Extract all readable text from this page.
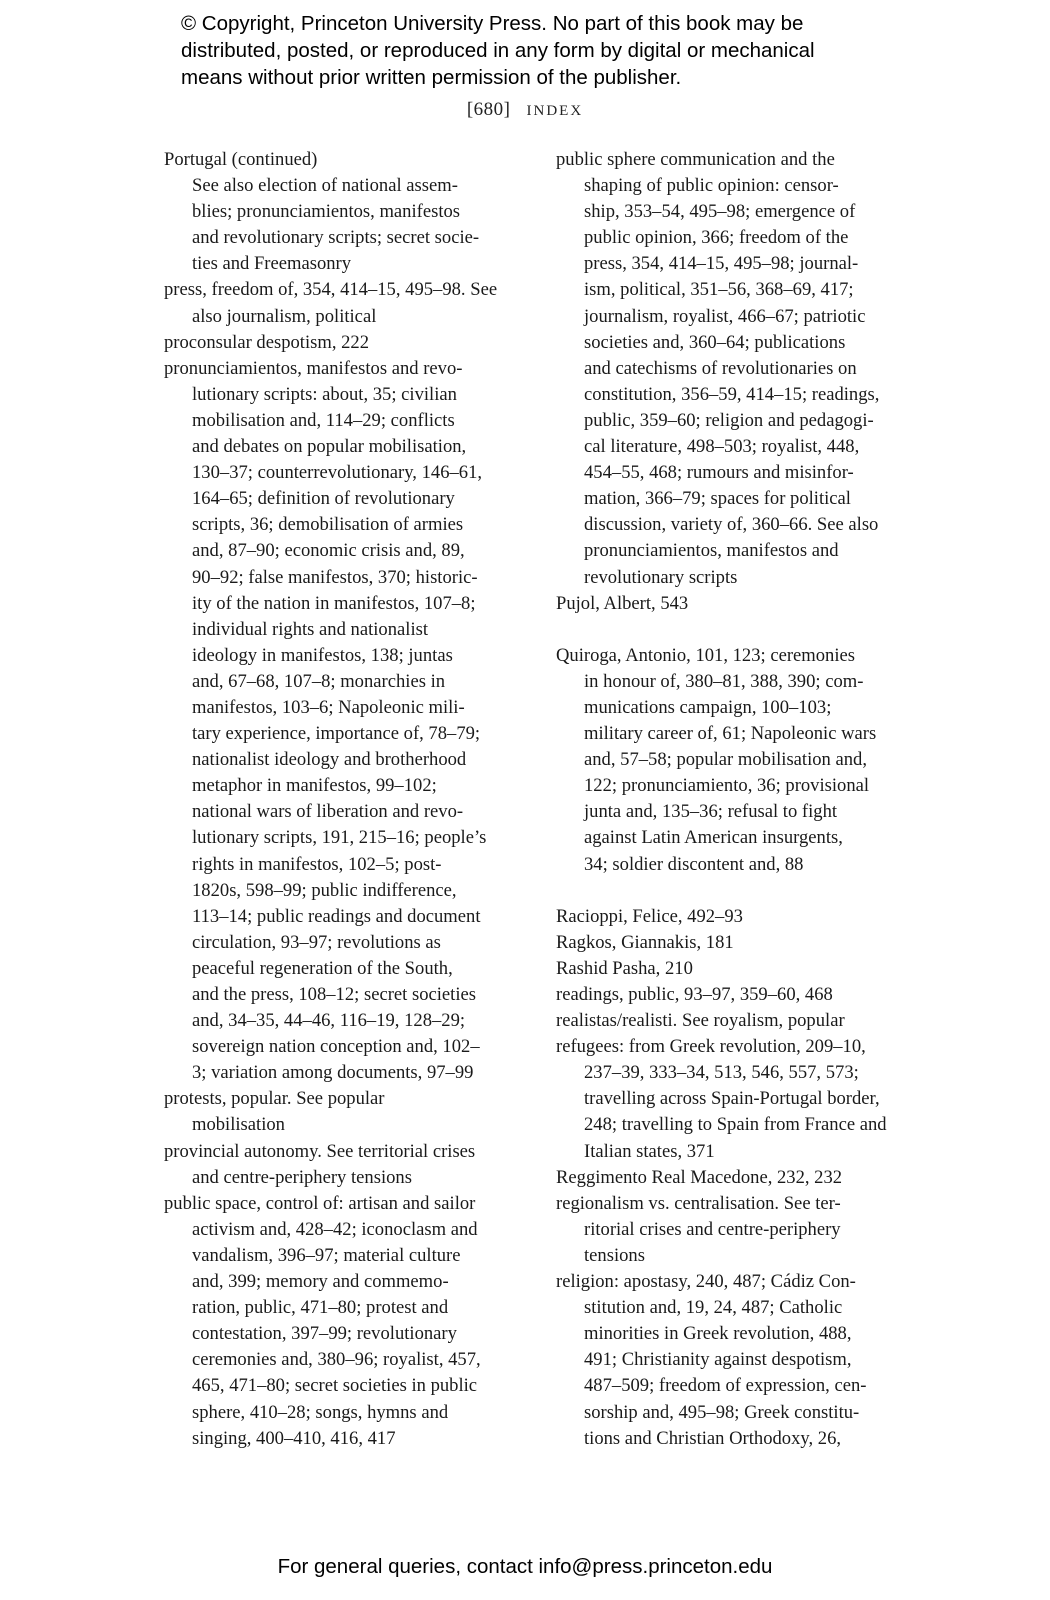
© Copyright, Princeton University Press. No part of this book may be
distributed, posted, or reproduced in any form by digital or mechanical
means without prior written permission of the publisher.
[680] INDEX
Portugal (continued)
See also election of national assem-
blies; pronunciamientos, manifestos
and revolutionary scripts; secret socie-
ties and Freemasonry
press, freedom of, 354, 414–15, 495–98. See
also journalism, political
proconsular despotism, 222
pronunciamientos, manifestos and revo-
lutionary scripts: about, 35; civilian
mobilisation and, 114–29; conflicts
and debates on popular mobilisation,
130–37; counterrevolutionary, 146–61,
164–65; definition of revolutionary
scripts, 36; demobilisation of armies
and, 87–90; economic crisis and, 89,
90–92; false manifestos, 370; historic-
ity of the nation in manifestos, 107–8;
individual rights and nationalist
ideology in manifestos, 138; juntas
and, 67–68, 107–8; monarchies in
manifestos, 103–6; Napoleonic mili-
tary experience, importance of, 78–79;
nationalist ideology and brotherhood
metaphor in manifestos, 99–102;
national wars of liberation and revo-
lutionary scripts, 191, 215–16; people’s
rights in manifestos, 102–5; post-
1820s, 598–99; public indifference,
113–14; public readings and document
circulation, 93–97; revolutions as
peaceful regeneration of the South,
and the press, 108–12; secret societies
and, 34–35, 44–46, 116–19, 128–29;
sovereign nation conception and, 102–
3; variation among documents, 97–99
protests, popular. See popular
mobilisation
provincial autonomy. See territorial crises
and centre-periphery tensions
public space, control of: artisan and sailor
activism and, 428–42; iconoclasm and
vandalism, 396–97; material culture
and, 399; memory and commemo-
ration, public, 471–80; protest and
contestation, 397–99; revolutionary
ceremonies and, 380–96; royalist, 457,
465, 471–80; secret societies in public
sphere, 410–28; songs, hymns and
singing, 400–410, 416, 417
public sphere communication and the
shaping of public opinion: censor-
ship, 353–54, 495–98; emergence of
public opinion, 366; freedom of the
press, 354, 414–15, 495–98; journal-
ism, political, 351–56, 368–69, 417;
journalism, royalist, 466–67; patriotic
societies and, 360–64; publications
and catechisms of revolutionaries on
constitution, 356–59, 414–15; readings,
public, 359–60; religion and pedagogi-
cal literature, 498–503; royalist, 448,
454–55, 468; rumours and misinfor-
mation, 366–79; spaces for political
discussion, variety of, 360–66. See also
pronunciamientos, manifestos and
revolutionary scripts
Pujol, Albert, 543
Quiroga, Antonio, 101, 123; ceremonies
in honour of, 380–81, 388, 390; com-
munications campaign, 100–103;
military career of, 61; Napoleonic wars
and, 57–58; popular mobilisation and,
122; pronunciamiento, 36; provisional
junta and, 135–36; refusal to fight
against Latin American insurgents,
34; soldier discontent and, 88
Racioppi, Felice, 492–93
Ragkos, Giannakis, 181
Rashid Pasha, 210
readings, public, 93–97, 359–60, 468
realistas/realisti. See royalism, popular
refugees: from Greek revolution, 209–10,
237–39, 333–34, 513, 546, 557, 573;
travelling across Spain-Portugal border,
248; travelling to Spain from France and
Italian states, 371
Reggimento Real Macedone, 232, 232
regionalism vs. centralisation. See ter-
ritorial crises and centre-periphery
tensions
religion: apostasy, 240, 487; Cádiz Con-
stitution and, 19, 24, 487; Catholic
minorities in Greek revolution, 488,
491; Christianity against despotism,
487–509; freedom of expression, cen-
sorship and, 495–98; Greek constitu-
tions and Christian Orthodoxy, 26,
For general queries, contact info@press.princeton.edu
